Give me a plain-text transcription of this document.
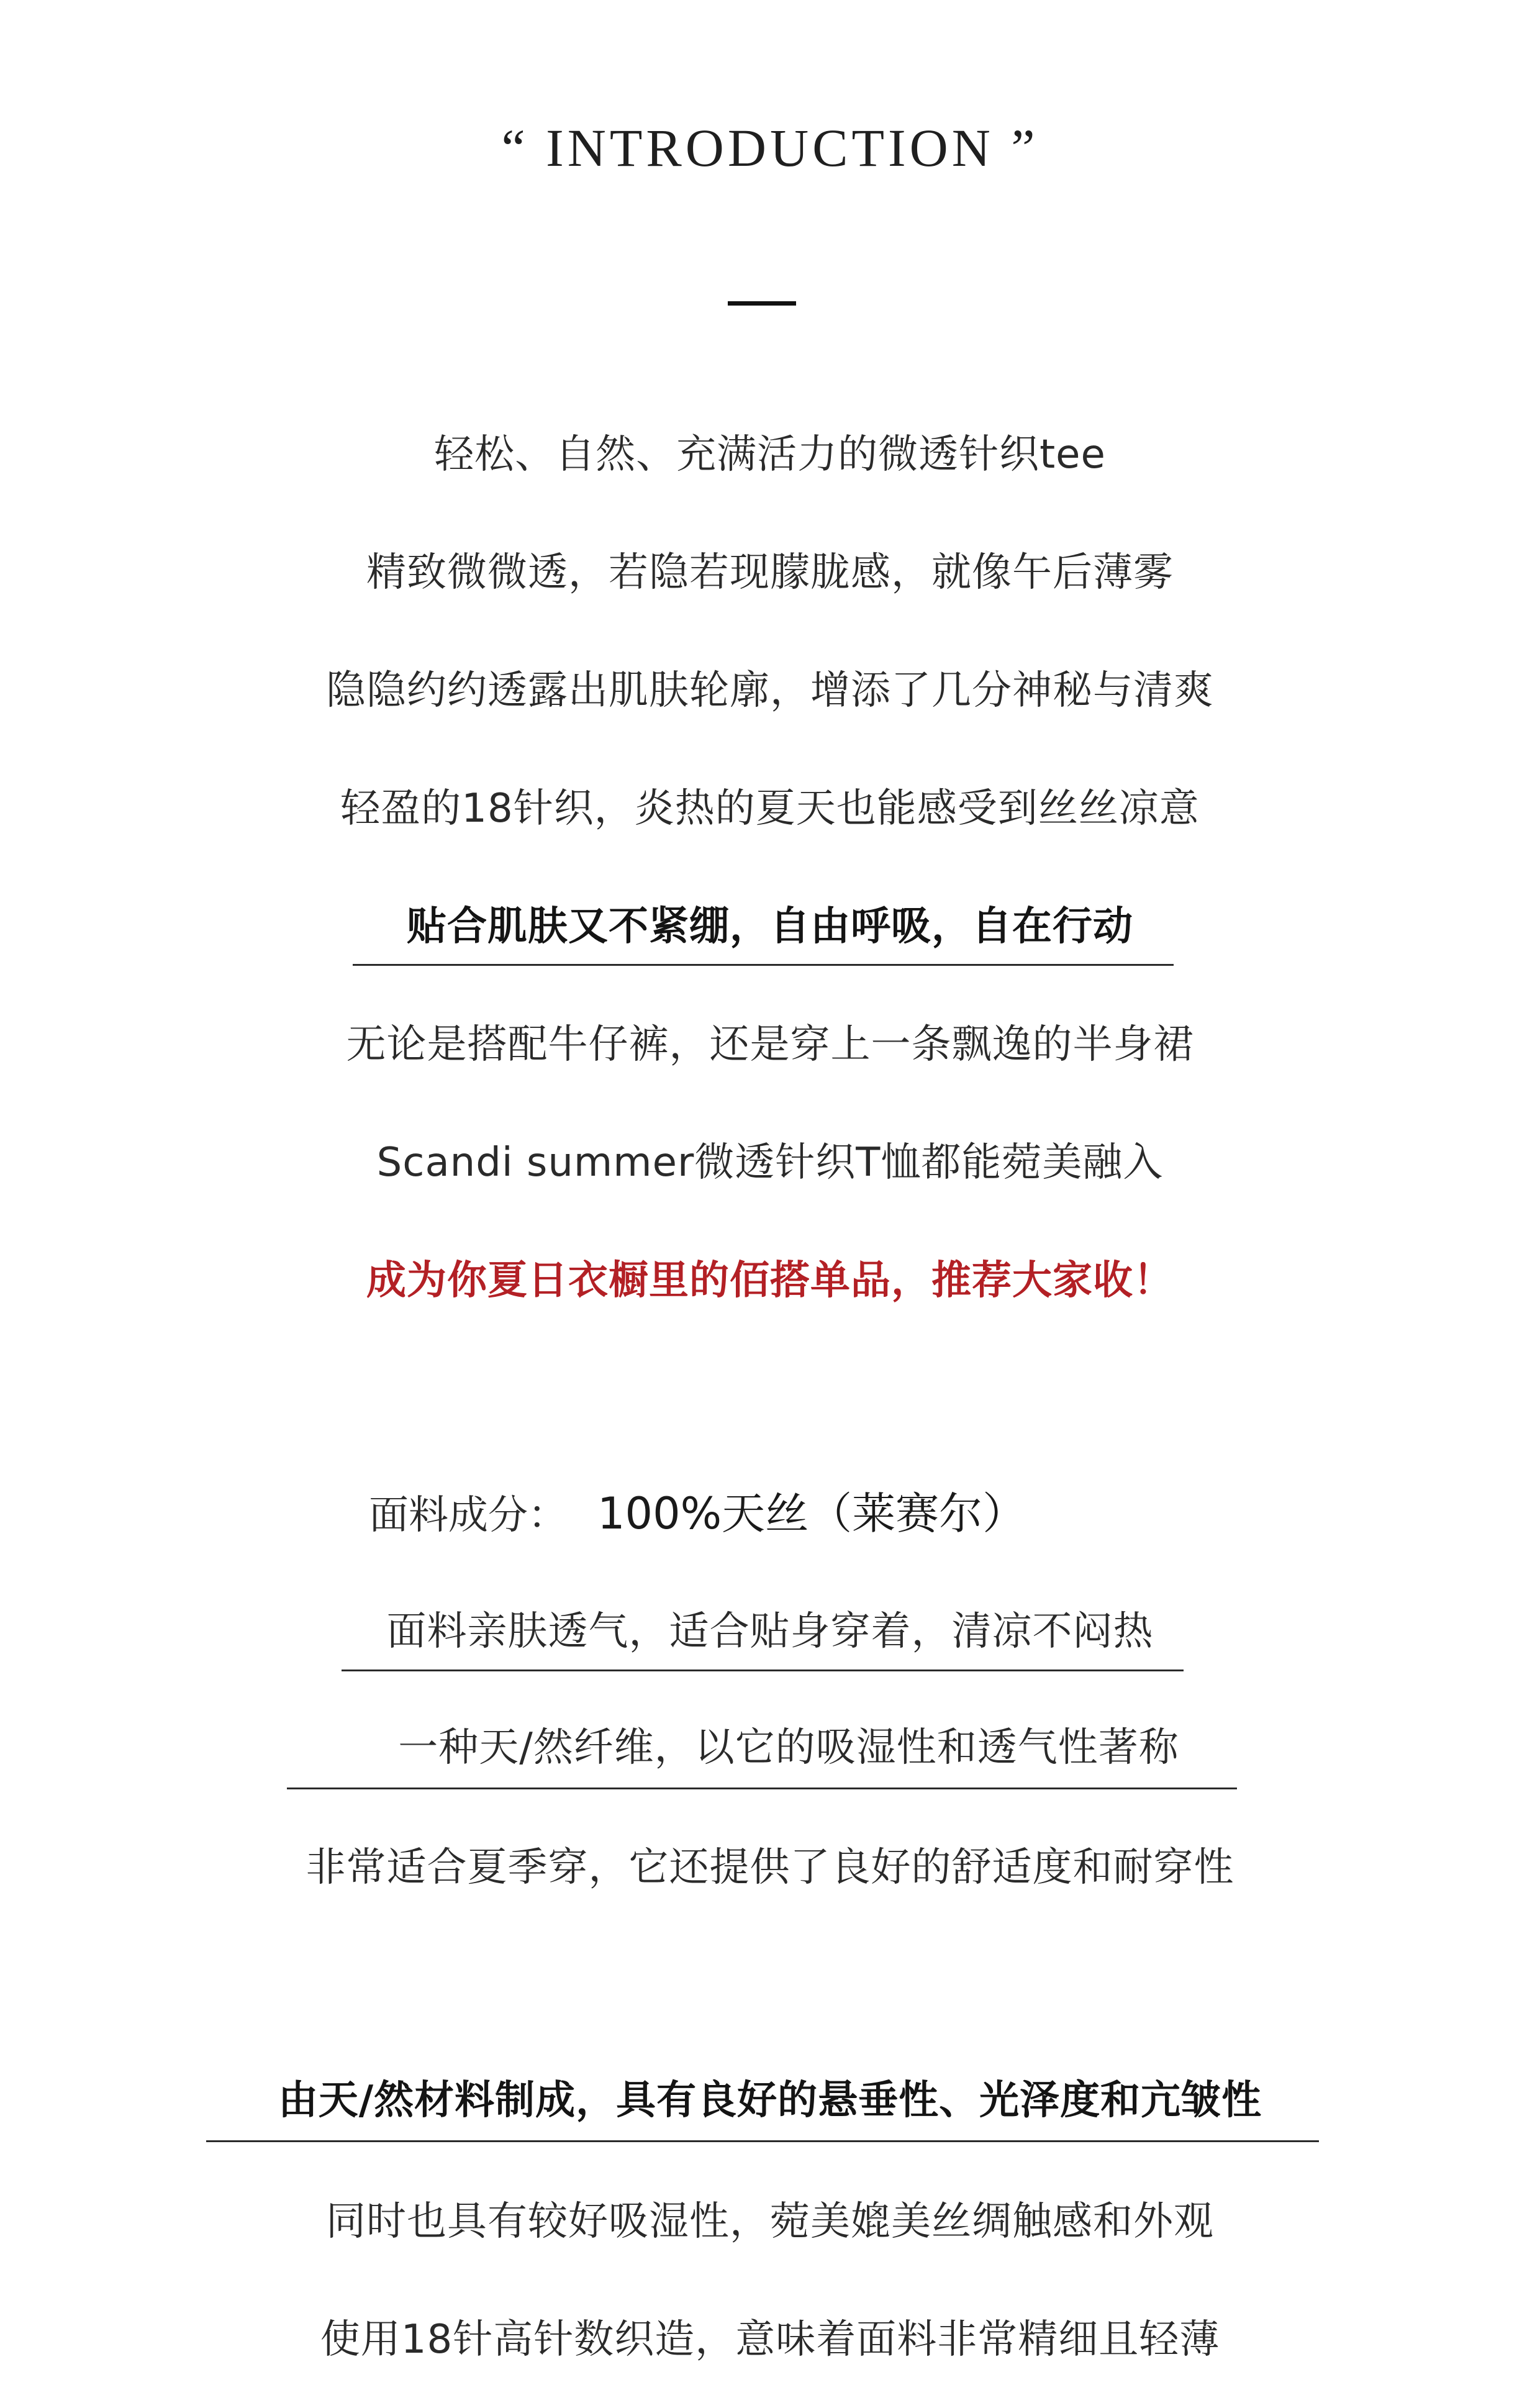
“ INTRODUCTION ”
轻松、自然、充满活力的微透针织tee
精致微微透，若隐若现朦胧感，就像午后薄雾
隐隐约约透露出肌肤轮廓，增添了几分神秘与清爽
轻盈的18针织，炎热的夏天也能感受到丝丝凉意
贴合肌肤又不紧绷，自由呼吸，自在行动
无论是搭配牛仔裤，还是穿上一条飘逸的半身裙
Scandi summer微透针织T恤都能菀美融入
成为你夏日衣橱里的佰搭单品，推荐大家收！
面料成分： 100%天丝（莱赛尔）
面料亲肤透气，适合贴身穿着，清凉不闷热
一种天/然纤维，以它的吸湿性和透气性著称
非常适合夏季穿，它还提供了良好的舒适度和耐穿性
由天/然材料制成，具有良好的悬垂性、光泽度和亢皱性
同时也具有较好吸湿性，菀美媲美丝绸触感和外观
使用18针高针数织造，意味着面料非常精细且轻薄
